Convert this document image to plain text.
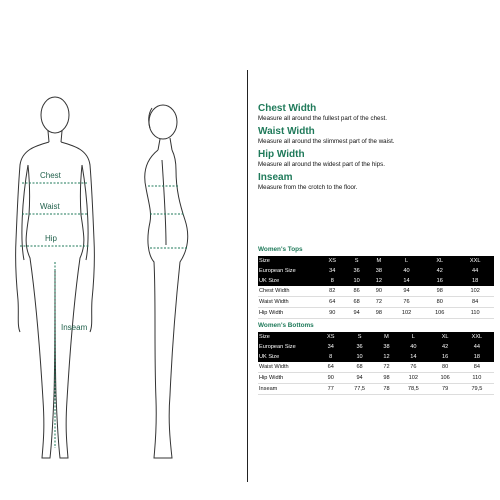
Chest
Waist
Hip
Inseam
Chest Width
Measure all around the fullest part of the chest.
Waist Width
Measure all around the slimmest part of the waist.
Hip Width
Measure all around the widest part of the hips.
Inseam
Measure from the crotch to the floor.
Women's Tops
Size	XS	S	M	L	XL	XXL
European Size	34	36	38	40	42	44
UK Size	8	10	12	14	16	18
Chest Width	82	86	90	94	98	102
Waist Width	64	68	72	76	80	84
Hip Width	90	94	98	102	106	110
Women's Bottoms
Size	XS	S	M	L	XL	XXL
European Size	34	36	38	40	42	44
UK Size	8	10	12	14	16	18
Waist Width	64	68	72	76	80	84
Hip Width	90	94	98	102	106	110
Inseam	77	77,5	78	78,5	79	79,5
